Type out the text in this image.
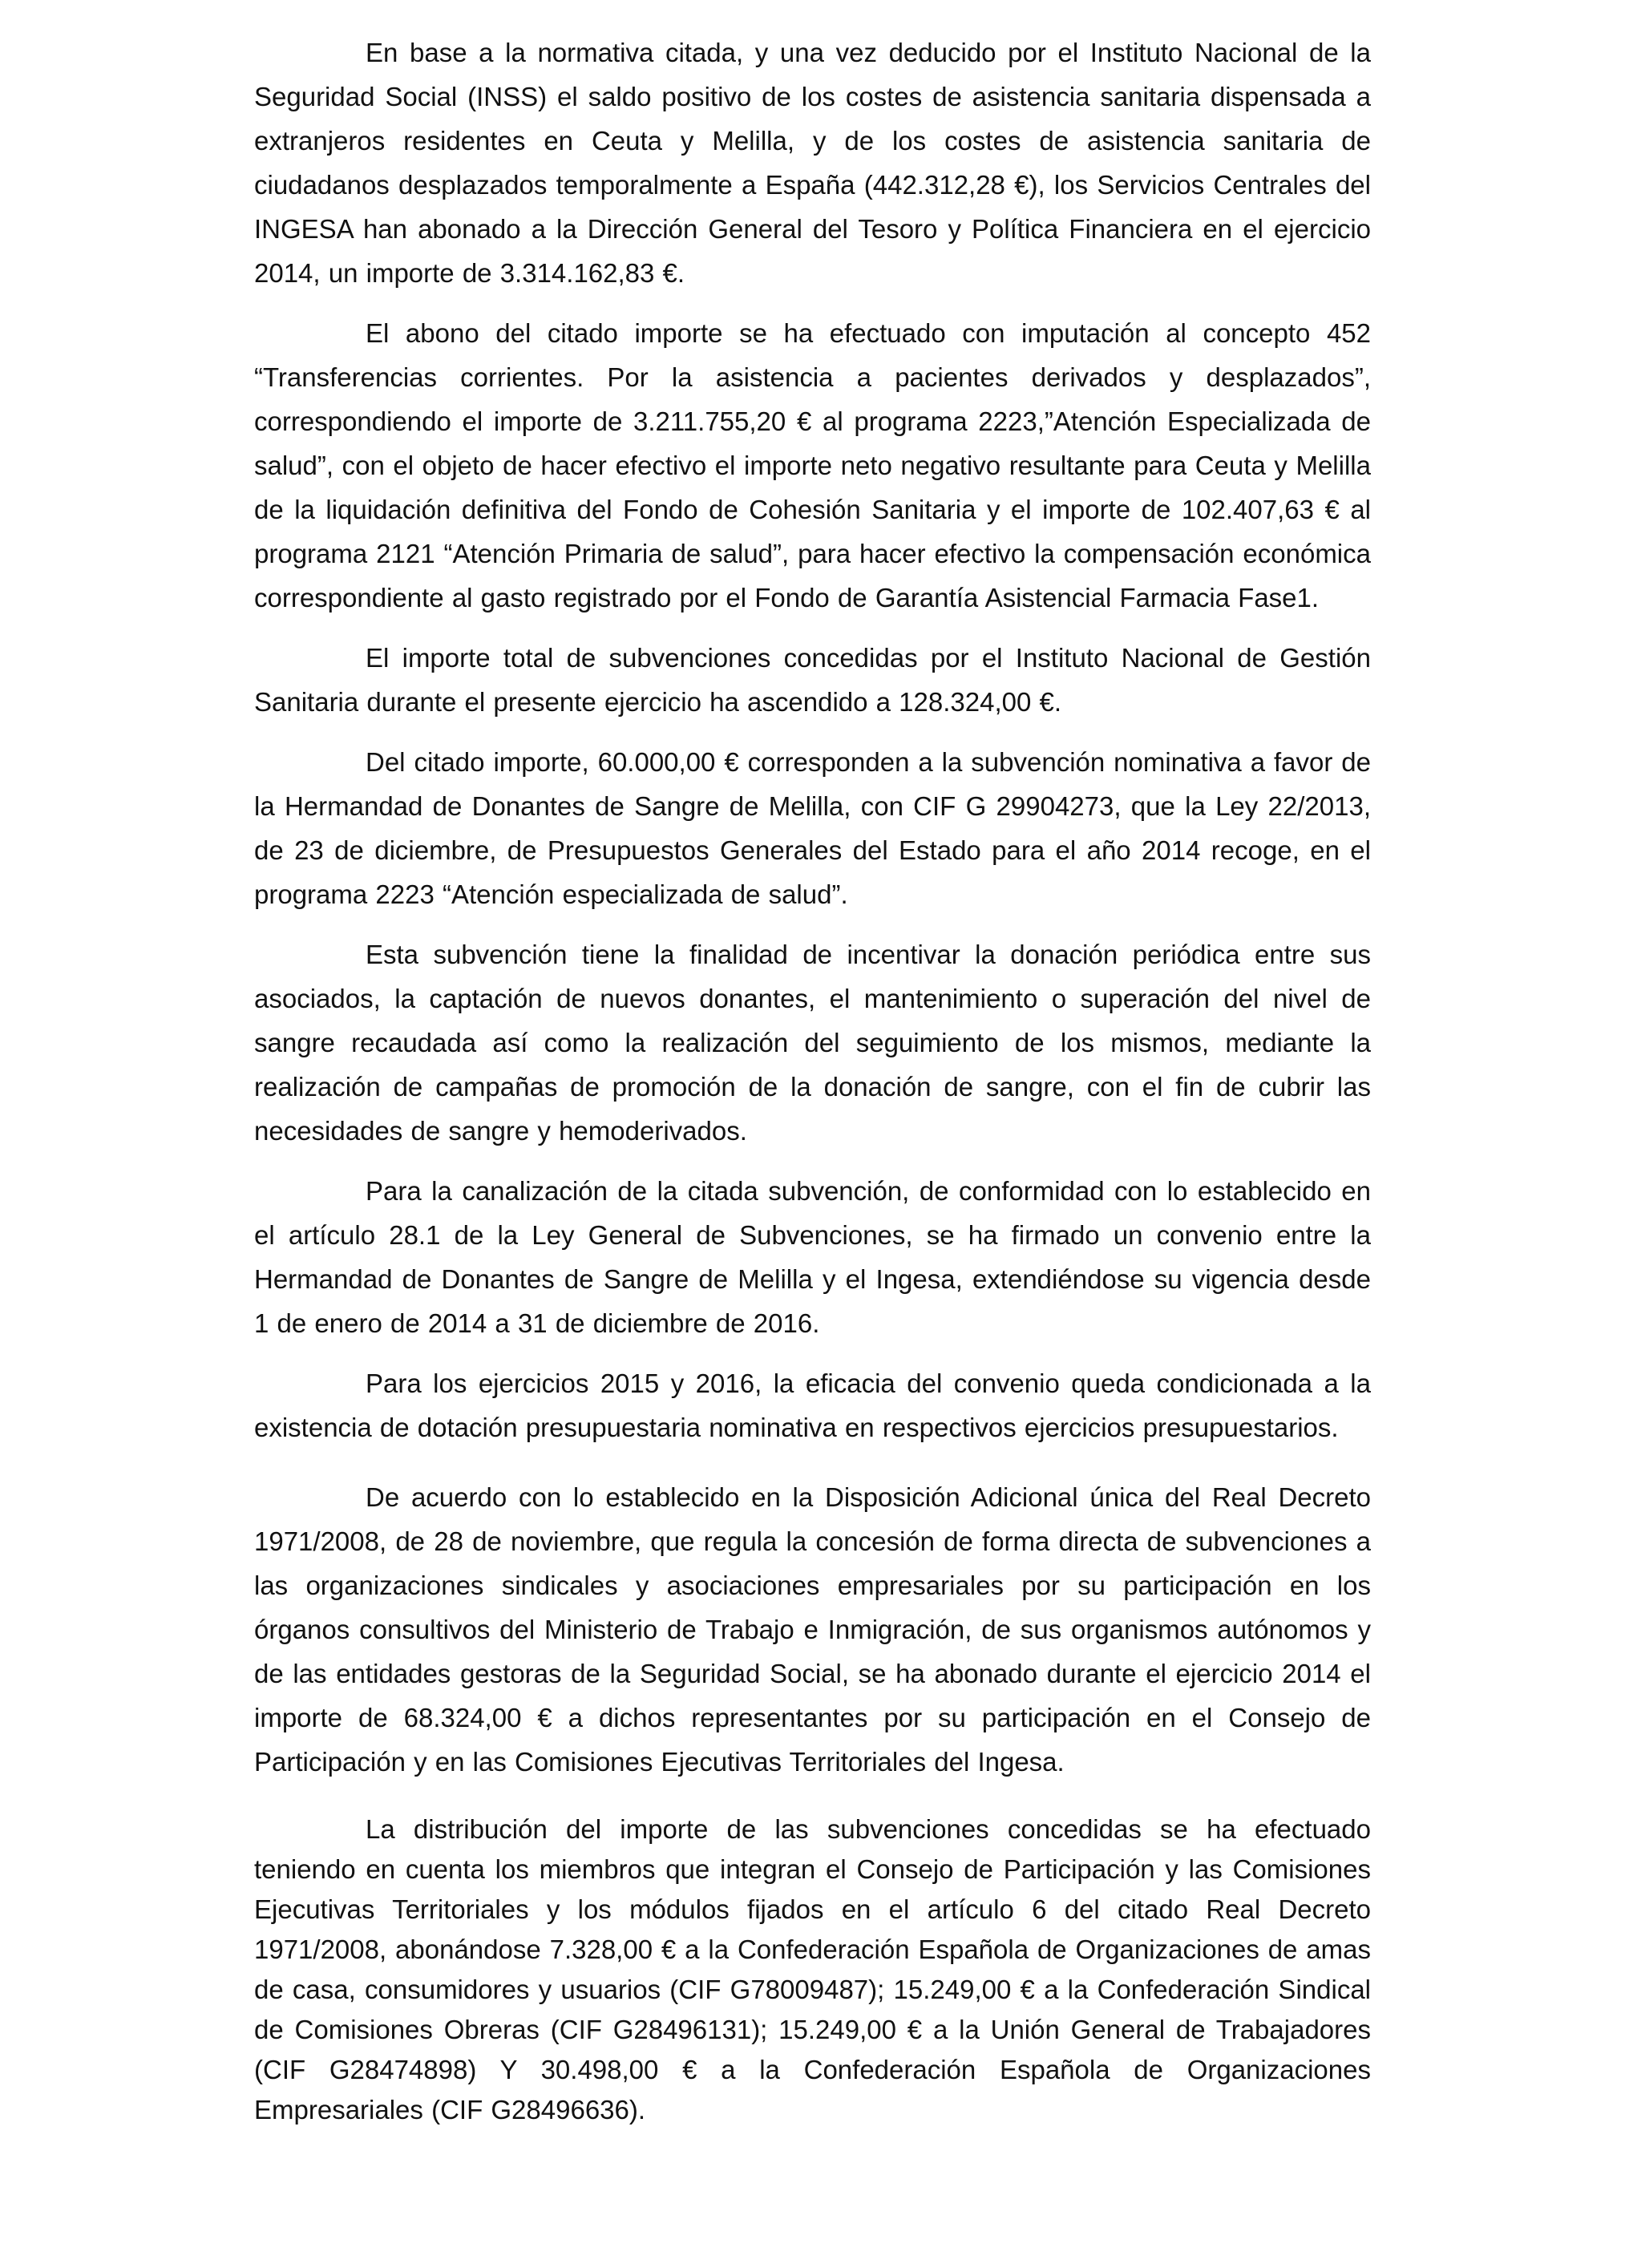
En base a la normativa citada, y una vez deducido por el Instituto Nacional de la Seguridad Social (INSS) el saldo positivo de los costes de asistencia sanitaria dispensada a extranjeros residentes en Ceuta y Melilla, y de los costes de asistencia sanitaria de ciudadanos desplazados temporalmente a España (442.312,28 €), los Servicios Centrales del INGESA han abonado a la Dirección General del Tesoro y Política Financiera en el ejercicio 2014, un importe de 3.314.162,83 €.

El abono del citado importe se ha efectuado con imputación al concepto 452 “Transferencias corrientes. Por la asistencia a pacientes derivados y desplazados”, correspondiendo el importe de 3.211.755,20 € al programa 2223,”Atención Especializada de salud”, con el objeto de hacer efectivo el importe neto negativo resultante para Ceuta y Melilla de la liquidación definitiva del Fondo de Cohesión Sanitaria y el importe de 102.407,63 € al programa 2121 “Atención Primaria de salud”, para hacer efectivo la compensación económica correspondiente al gasto registrado por el Fondo de Garantía Asistencial Farmacia Fase1.

El importe total de subvenciones concedidas por el Instituto Nacional de Gestión Sanitaria durante el presente ejercicio ha ascendido a 128.324,00 €.

Del citado importe, 60.000,00 € corresponden a la subvención nominativa a favor de la Hermandad de Donantes de Sangre de Melilla, con CIF G 29904273, que la Ley 22/2013, de 23 de diciembre, de Presupuestos Generales del Estado para el año 2014 recoge, en el programa 2223 “Atención especializada de salud”.

Esta subvención tiene la finalidad de incentivar la donación periódica entre sus asociados, la captación de nuevos donantes, el mantenimiento o superación del nivel de sangre recaudada así como la realización del seguimiento de los mismos, mediante la realización de campañas de promoción de la donación de sangre, con el fin de cubrir las necesidades de sangre y hemoderivados.

Para la canalización de la citada subvención, de conformidad con lo establecido en el artículo 28.1 de la Ley General de Subvenciones, se ha firmado un convenio entre la Hermandad de Donantes de Sangre de Melilla y el Ingesa, extendiéndose su vigencia desde 1 de enero de 2014 a 31 de diciembre de 2016.

Para los ejercicios 2015 y 2016, la eficacia del convenio queda condicionada a la existencia de dotación presupuestaria nominativa en respectivos ejercicios presupuestarios.

De acuerdo con lo establecido en la Disposición Adicional única del Real Decreto 1971/2008, de 28 de noviembre, que regula la concesión de forma directa de subvenciones a las organizaciones sindicales y asociaciones empresariales por su participación en los órganos consultivos del Ministerio de Trabajo e Inmigración, de sus organismos autónomos y de las entidades gestoras de la Seguridad Social, se ha abonado durante el ejercicio 2014 el importe de 68.324,00 € a dichos representantes por su participación en el Consejo de Participación y en las Comisiones Ejecutivas Territoriales del Ingesa.

La distribución del importe de las subvenciones concedidas se ha efectuado teniendo en cuenta los miembros que integran el Consejo de Participación y las Comisiones Ejecutivas Territoriales y los módulos fijados en el artículo 6 del citado Real Decreto 1971/2008, abonándose 7.328,00 € a la Confederación Española de Organizaciones de amas de casa, consumidores y usuarios (CIF G78009487); 15.249,00 € a la Confederación Sindical de Comisiones Obreras (CIF G28496131); 15.249,00 € a la Unión General de Trabajadores (CIF G28474898) Y 30.498,00 € a la Confederación Española de Organizaciones Empresariales (CIF G28496636).
